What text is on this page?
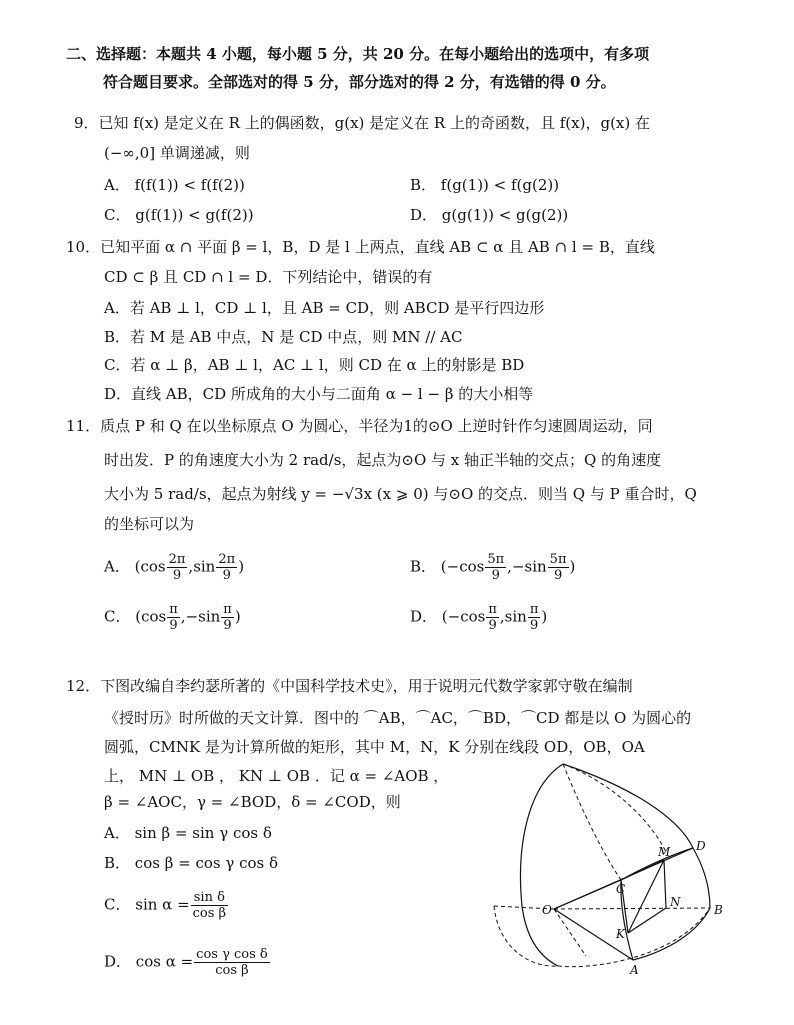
二、选择题：本题共 4 小题，每小题 5 分，共 20 分。在每小题给出的选项中，有多项
符合题目要求。全部选对的得 5 分，部分选对的得 2 分，有选错的得 0 分。
9．已知 f(x) 是定义在 R 上的偶函数，g(x) 是定义在 R 上的奇函数，且 f(x)，g(x) 在
(−∞,0] 单调递减，则
A． f(f(1)) < f(f(2))	B． f(g(1)) < f(g(2))
C． g(f(1)) < g(f(2))	D． g(g(1)) < g(g(2))
10．已知平面 α ∩ 平面 β = l，B，D 是 l 上两点，直线 AB ⊂ α 且 AB ∩ l = B，直线
CD ⊂ β 且 CD ∩ l = D．下列结论中，错误的有
A．若 AB ⊥ l，CD ⊥ l，且 AB = CD，则 ABCD 是平行四边形
B．若 M 是 AB 中点，N 是 CD 中点，则 MN // AC
C．若 α ⊥ β，AB ⊥ l，AC ⊥ l，则 CD 在 α 上的射影是 BD
D．直线 AB，CD 所成角的大小与二面角 α − l − β 的大小相等
11．质点 P 和 Q 在以坐标原点 O 为圆心，半径为1的⊙O 上逆时针作匀速圆周运动，同
时出发．P 的角速度大小为 2 rad/s，起点为⊙O 与 x 轴正半轴的交点；Q 的角速度
大小为 5 rad/s，起点为射线 y = −√3x (x ⩾ 0) 与⊙O 的交点．则当 Q 与 P 重合时，Q
的坐标可以为
A． ($\cos \frac{2\pi}{9} ,\sin \frac{2\pi}{9}$ )	B． ($-\cos \frac{5\pi}{9} ,-\sin \frac{5\pi}{9}$ )
C． ($\cos \frac{\pi}{9} ,-\sin \frac{\pi}{9}$ )	D． ($-\cos \frac{\pi}{9} ,\sin \frac{\pi}{9}$ )
12．下图改编自李约瑟所著的《中国科学技术史》，用于说明元代数学家郭守敬在编制
《授时历》时所做的天文计算．图中的 ⌒AB，⌒AC，⌒BD，⌒CD 都是以 O 为圆心的
圆弧，CMNK 是为计算所做的矩形，其中 M，N，K 分别在线段 OD，OB，OA
上， MN ⊥ OB ， KN ⊥ OB ．记 α = ∠AOB ，
β = ∠AOC，γ = ∠BOD，δ = ∠COD，则
A． sin β = sin γ cos δ
B． cos β = cos γ cos δ
C． $\sin \alpha = \frac{\text{sin δ}}{\text{cos β}}$
D． $\cos \alpha = \frac{\text{cos γ cos δ}}{\text{cos β}}$
O
A
B
C
D
M
N
K
